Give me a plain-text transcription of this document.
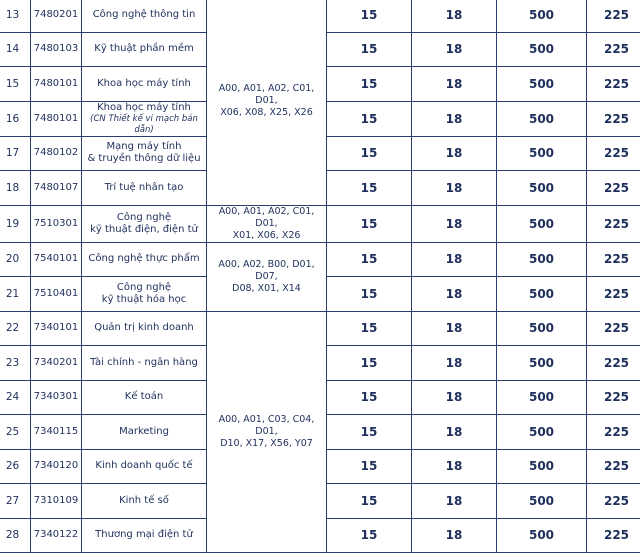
13	7480201	Công nghệ thông tin	A00, A01, A02, C01, D01,
X06, X08, X25, X26	15	18	500	225
14	7480103	Kỹ thuật phần mềm		15	18	500	225
15	7480101	Khoa học máy tính		15	18	500	225
16	7480101	Khoa học máy tính
(CN Thiết kế vi mạch bán dẫn)		15	18	500	225
17	7480102	Mạng máy tính
& truyền thông dữ liệu		15	18	500	225
18	7480107	Trí tuệ nhân tạo		15	18	500	225
19	7510301	Công nghệ
kỹ thuật điện, điện tử	A00, A01, A02, C01, D01,
X01, X06, X26	15	18	500	225
20	7540101	Công nghệ thực phẩm	A00, A02, B00, D01, D07,
D08, X01, X14	15	18	500	225
21	7510401	Công nghệ
kỹ thuật hóa học		15	18	500	225
22	7340101	Quản trị kinh doanh	A00, A01, C03, C04, D01,
D10, X17, X56, Y07	15	18	500	225
23	7340201	Tài chính - ngân hàng		15	18	500	225
24	7340301	Kế toán		15	18	500	225
25	7340115	Marketing		15	18	500	225
26	7340120	Kinh doanh quốc tế		15	18	500	225
27	7310109	Kinh tế số		15	18	500	225
28	7340122	Thương mại điện tử		15	18	500	225
